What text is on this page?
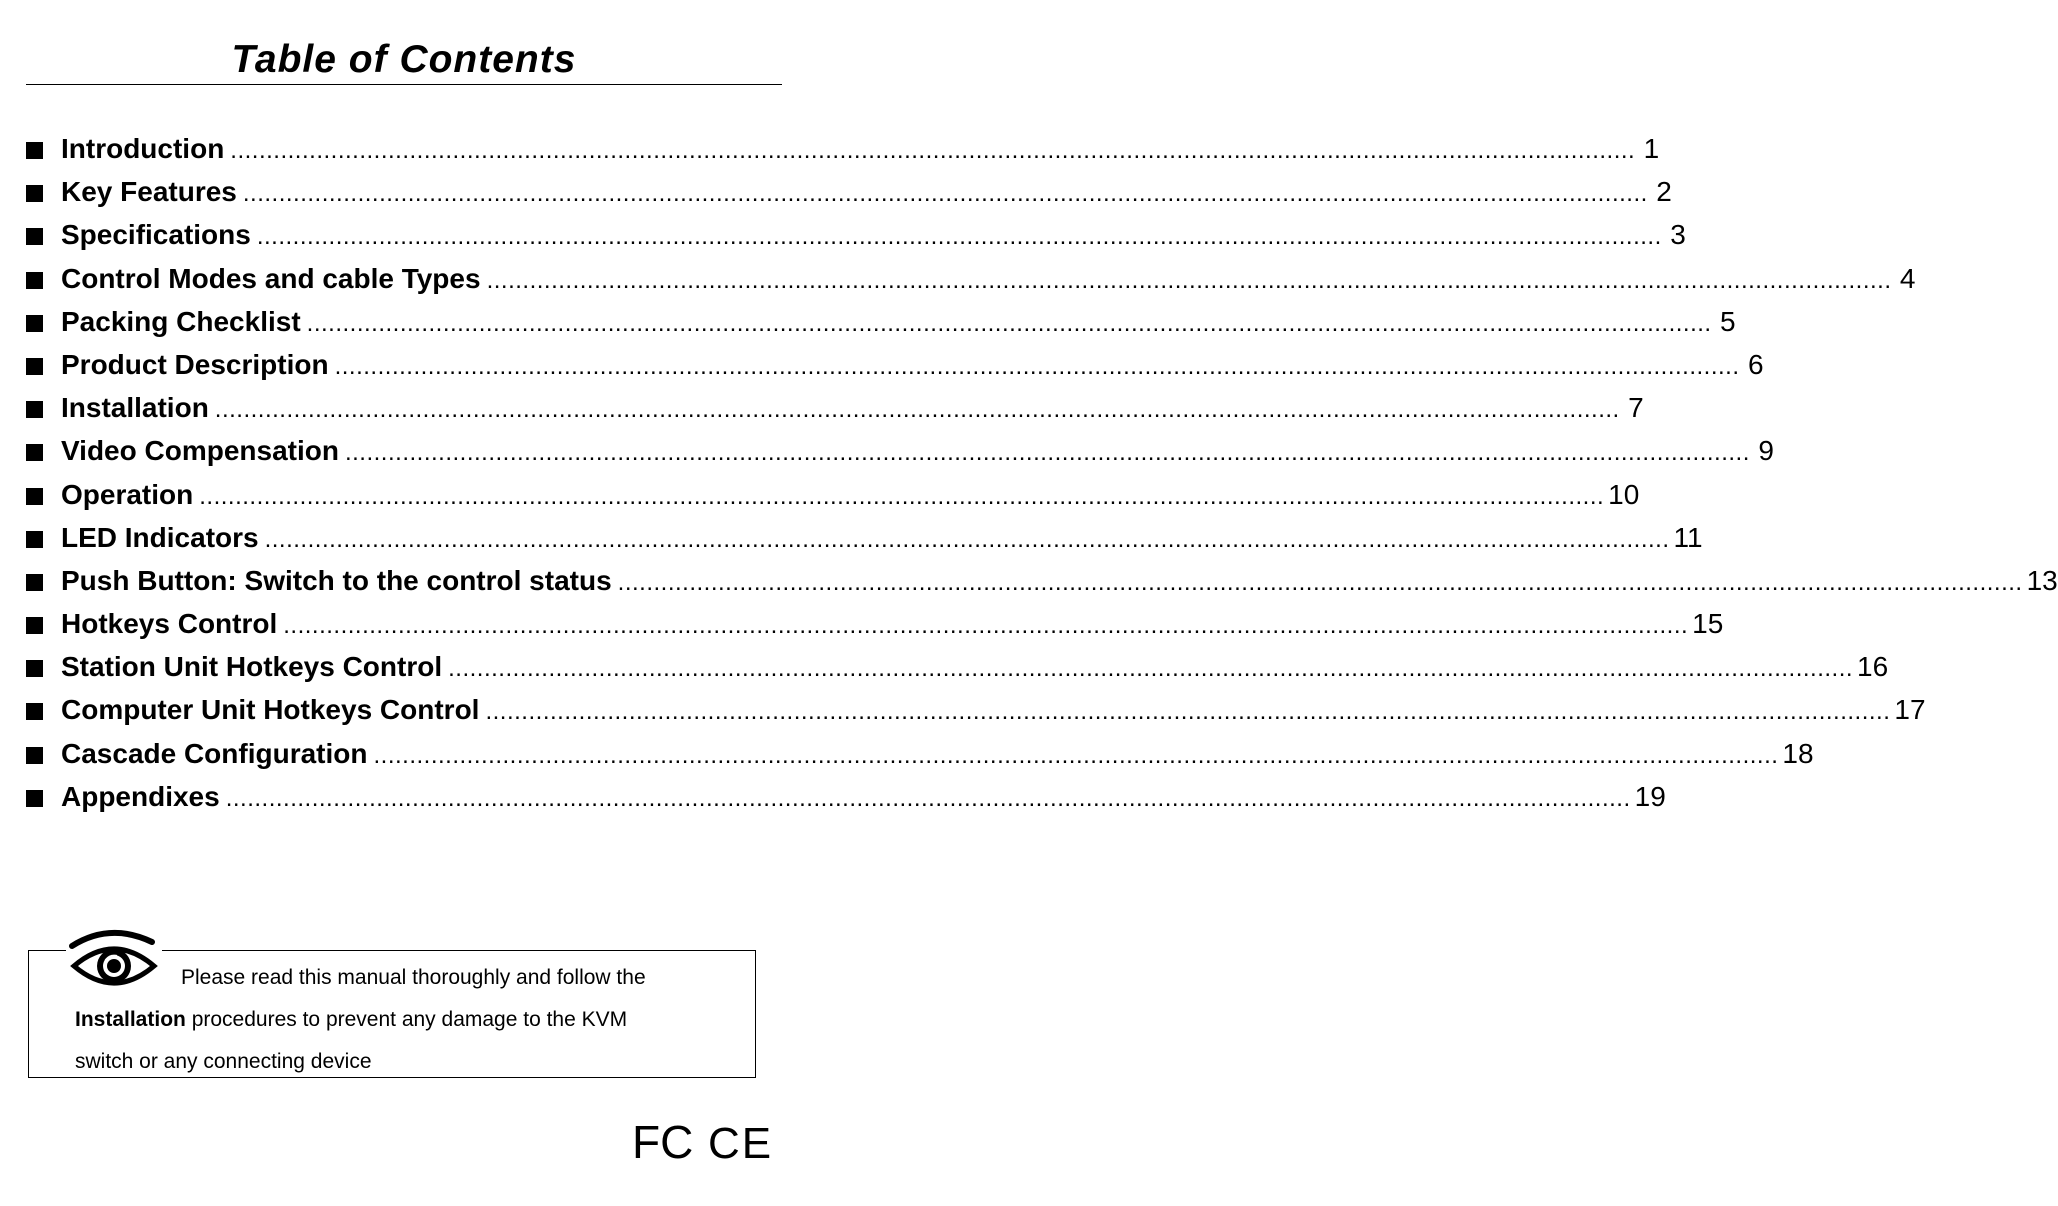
Table of Contents
Introduction .....	1
Key Features .....	2
Specifications .....	3
Control Modes and cable Types .....	4
Packing Checklist .....	5
Product Description .....	6
Installation .....	7
Video Compensation .....	9
Operation .....	10
LED Indicators .....	11
Push Button: Switch to the control status .....	13
Hotkeys Control .....	15
Station Unit Hotkeys Control .....	16
Computer Unit Hotkeys Control .....	17
Cascade Configuration .....	18
Appendixes .....	19

Please read this manual thoroughly and follow the
Installation procedures to prevent any damage to the KVM
switch or any connecting device

FC CE
